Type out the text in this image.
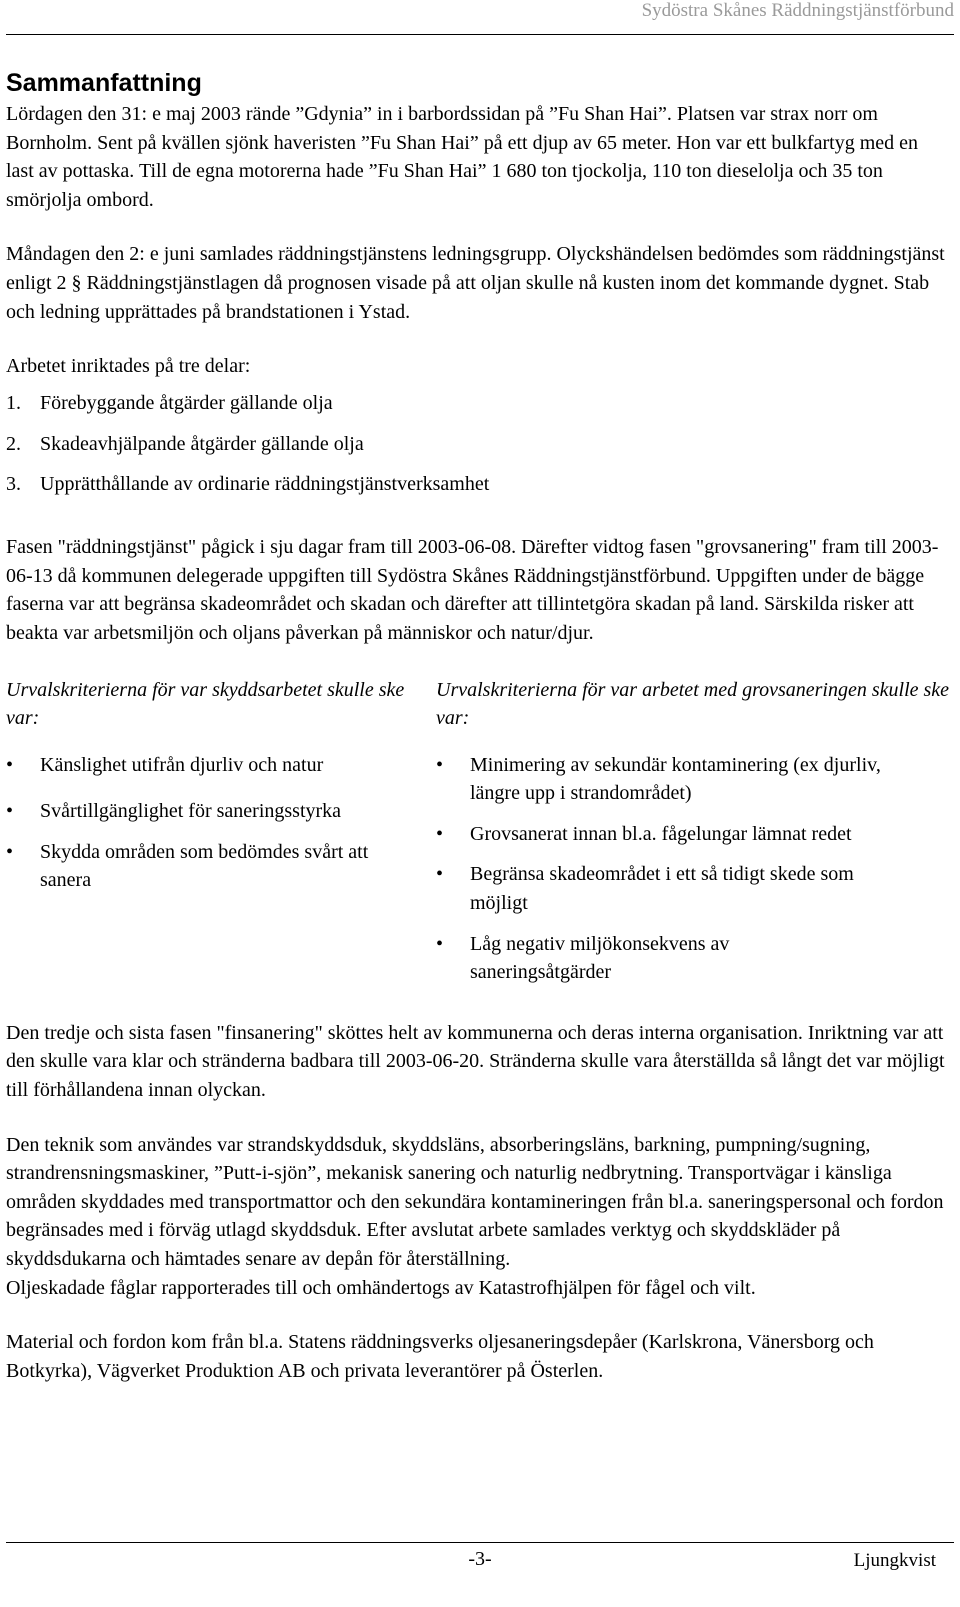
Sydöstra Skånes Räddningstjänstförbund
Sammanfattning

Lördagen den 31: e maj 2003 rände ”Gdynia” in i barbordssidan på ”Fu Shan Hai”. Platsen var strax norr om Bornholm. Sent på kvällen sjönk haveristen ”Fu Shan Hai” på ett djup av 65 meter. Hon var ett bulkfartyg med en last av pottaska. Till de egna motorerna hade ”Fu Shan Hai” 1 680 ton tjockolja, 110 ton dieselolja och 35 ton smörjolja ombord.

Måndagen den 2: e juni samlades räddningstjänstens ledningsgrupp. Olyckshändelsen bedömdes som räddningstjänst enligt 2 § Räddningstjänstlagen då prognosen visade på att oljan skulle nå kusten inom det kommande dygnet. Stab och ledning upprättades på brandstationen i Ystad.

Arbetet inriktades på tre delar:

1. Förebyggande åtgärder gällande olja
2. Skadeavhjälpande åtgärder gällande olja
3. Upprätthållande av ordinarie räddningstjänstverksamhet

Fasen "räddningstjänst" pågick i sju dagar fram till 2003-06-08. Därefter vidtog fasen "grovsanering" fram till 2003-06-13 då kommunen delegerade uppgiften till Sydöstra Skånes Räddningstjänstförbund. Uppgiften under de bägge faserna var att begränsa skadeområdet och skadan och därefter att tillintetgöra skadan på land. Särskilda risker att beakta var arbetsmiljön och oljans påverkan på människor och natur/djur.

Urvalskriterierna för var skyddsarbetet skulle ske var:
•	Känslighet utifrån djurliv och natur
•	Svårtillgänglighet för saneringsstyrka
•	Skydda områden som bedömdes svårt att sanera
Urvalskriterierna för var arbetet med grovsaneringen skulle ske var:
•	Minimering av sekundär kontaminering (ex djurliv, längre upp i strandområdet)
•	Grovsanerat innan bl.a. fågelungar lämnat redet
•	Begränsa skadeområdet i ett så tidigt skede som möjligt
•	Låg negativ miljökonsekvens av saneringsåtgärder

Den tredje och sista fasen "finsanering" sköttes helt av kommunerna och deras interna organisation. Inriktning var att den skulle vara klar och stränderna badbara till 2003-06-20. Stränderna skulle vara återställda så långt det var möjligt till förhållandena innan olyckan.

Den teknik som användes var strandskyddsduk, skyddsläns, absorberingsläns, barkning, pumpning/sugning, strandrensningsmaskiner, ”Putt-i-sjön”, mekanisk sanering och naturlig nedbrytning. Transportvägar i känsliga områden skyddades med transportmattor och den sekundära kontamineringen från bl.a. saneringspersonal och fordon begränsades med i förväg utlagd skyddsduk. Efter avslutat arbete samlades verktyg och skyddskläder på skyddsdukarna och hämtades senare av depån för återställning.

Oljeskadade fåglar rapporterades till och omhändertogs av Katastrofhjälpen för fågel och vilt.

Material och fordon kom från bl.a. Statens räddningsverks oljesaneringsdepåer (Karlskrona, Vänersborg och Botkyrka), Vägverket Produktion AB och privata leverantörer på Österlen.

-3-	Ljungkvist
